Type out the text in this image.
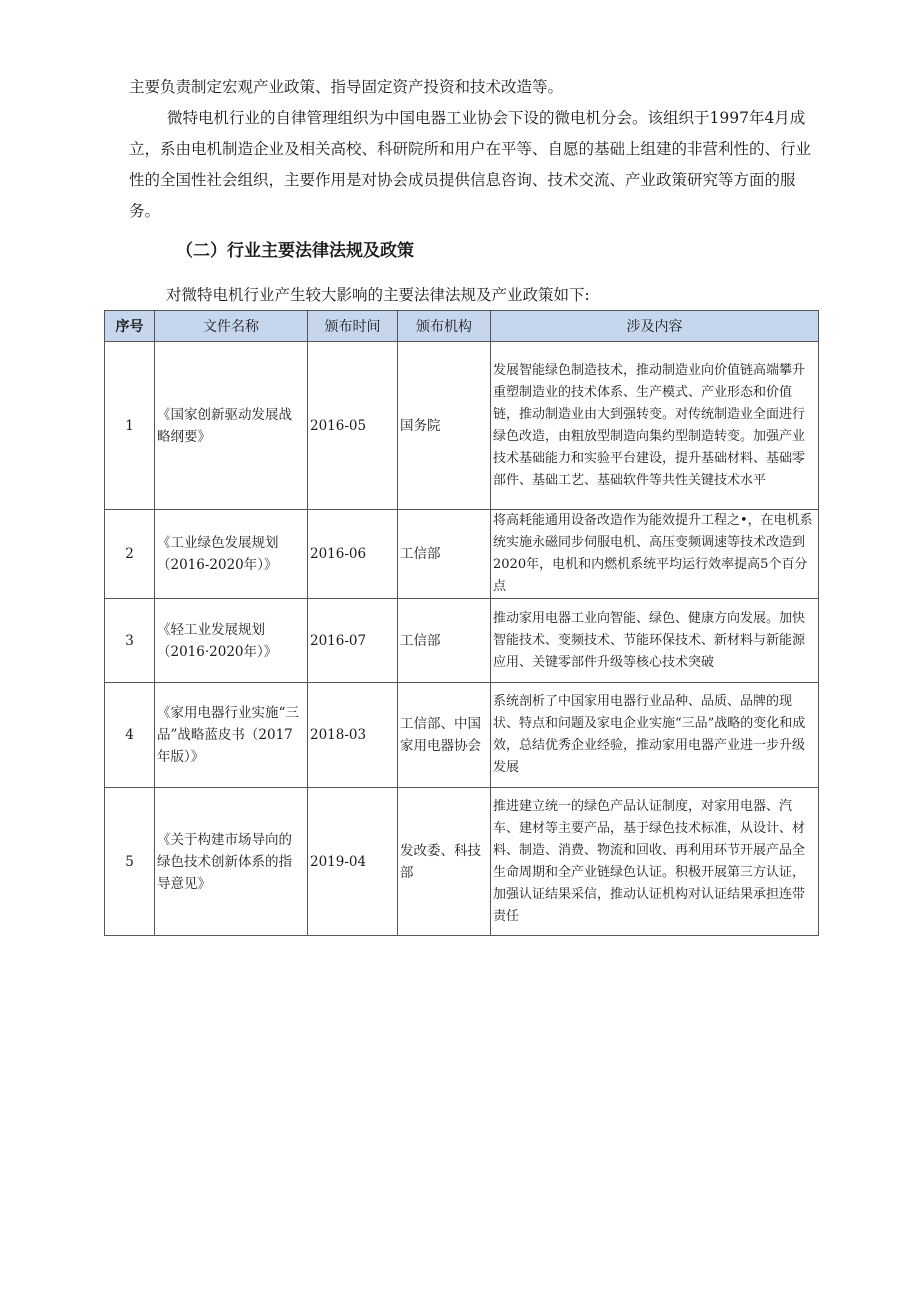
主要负责制定宏观产业政策、指导固定资产投资和技术改造等。

微特电机行业的自律管理组织为中国电器工业协会下设的微电机分会。该组织于1997年4月成立，系由电机制造企业及相关高校、科研院所和用户在平等、自愿的基础上组建的非营利性的、行业性的全国性社会组织，主要作用是对协会成员提供信息咨询、技术交流、产业政策研究等方面的服务。

（二）行业主要法律法规及政策

对微特电机行业产生较大影响的主要法律法规及产业政策如下:

序号	文件名称	颁布时间	颁布机构	涉及内容
1	《国家创新驱动发展战略纲要》	2016-05	国务院	发展智能绿色制造技术，推动制造业向价值链高端攀升重塑制造业的技术体系、生产模式、产业形态和价值链，推动制造业由大到强转变。对传统制造业全面进行绿色改造，由粗放型制造向集约型制造转变。加强产业技术基础能力和实验平台建设，提升基础材料、基础零部件、基础工艺、基础软件等共性关键技术水平
2	《工业绿色发展规划（2016-2020年）》	2016-06	工信部	将高耗能通用设备改造作为能效提升工程之•，在电机系统实施永磁同步伺服电机、高压变频调速等技术改造到2020年，电机和内燃机系统平均运行效率提高5个百分点
3	《轻工业发展规划（2016·2020年）》	2016-07	工信部	推动家用电器工业向智能、绿色、健康方向发展。加快智能技术、变频技术、节能环保技术、新材料与新能源应用、关键零部件升级等核心技术突破
4	《家用电器行业实施“三品”战略蓝皮书（2017年版）》	2018-03	工信部、中国家用电器协会	系统剖析了中国家用电器行业品种、品质、品牌的现状、特点和问题及家电企业实施“三品”战略的变化和成效，总结优秀企业经验，推动家用电器产业进一步升级发展
5	《关于构建市场导向的绿色技术创新体系的指导意见》	2019-04	发改委、科技部	推进建立统一的绿色产品认证制度，对家用电器、汽车、建材等主要产品，基于绿色技术标准，从设计、材料、制造、消费、物流和回收、再利用环节开展产品全生命周期和全产业链绿色认证。积极开展第三方认证，加强认证结果采信，推动认证机构对认证结果承担连带责任
